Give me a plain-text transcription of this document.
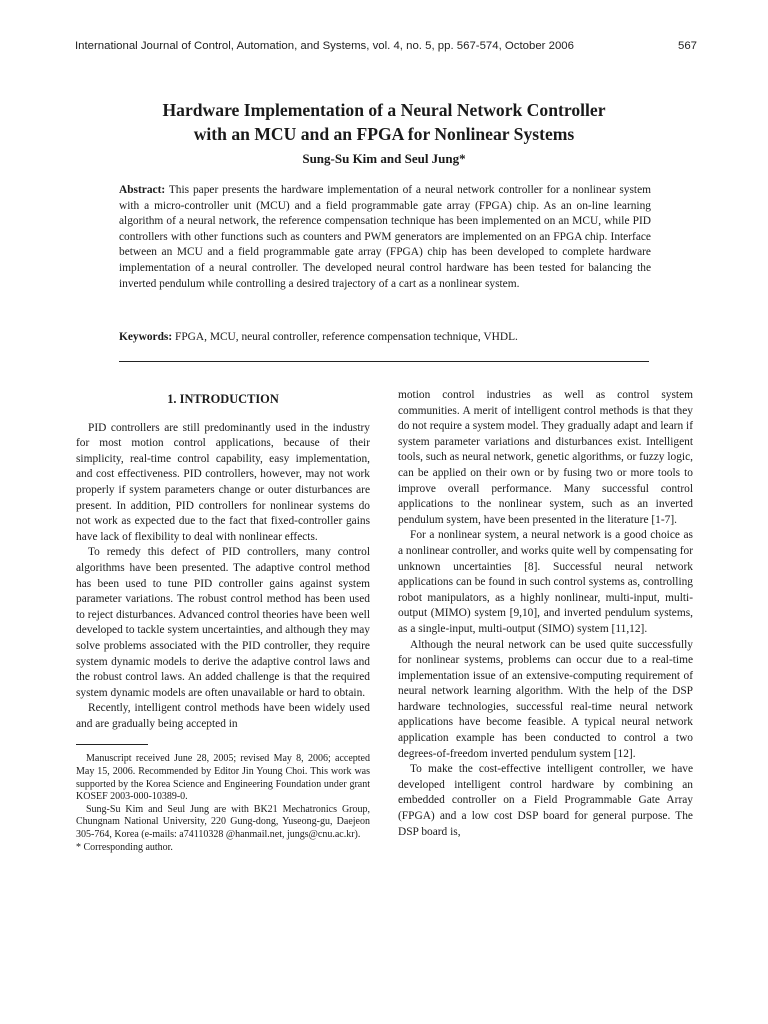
International Journal of Control, Automation, and Systems, vol. 4, no. 5, pp. 567-574, October 2006	567
Hardware Implementation of a Neural Network Controller
with an MCU and an FPGA for Nonlinear Systems
Sung-Su Kim and Seul Jung*
Abstract: This paper presents the hardware implementation of a neural network controller for a nonlinear system with a micro-controller unit (MCU) and a field programmable gate array (FPGA) chip. As an on-line learning algorithm of a neural network, the reference compensation technique has been implemented on an MCU, while PID controllers with other functions such as counters and PWM generators are implemented on an FPGA chip. Interface between an MCU and a field programmable gate array (FPGA) chip has been developed to complete hardware implementation of a neural controller. The developed neural control hardware has been tested for balancing the inverted pendulum while controlling a desired trajectory of a cart as a nonlinear system.
Keywords: FPGA, MCU, neural controller, reference compensation technique, VHDL.
1. INTRODUCTION

PID controllers are still predominantly used in the industry for most motion control applications, because of their simplicity, real-time control capability, easy implementation, and cost effectiveness. PID controllers, however, may not work properly if system parameters change or outer disturbances are present. In addition, PID controllers for nonlinear systems do not work as expected due to the fact that fixed-controller gains have lack of flexibility to deal with nonlinear effects.

To remedy this defect of PID controllers, many control algorithms have been presented. The adaptive control method has been used to tune PID controller gains against system parameter variations. The robust control method has been used to reject disturbances. Advanced control theories have been well developed to tackle system uncertainties, and although they may solve problems associated with the PID controller, they require system dynamic models to derive the adaptive control laws and the robust control laws. An added challenge is that the required system dynamic models are often unavailable or hard to obtain.

Recently, intelligent control methods have been widely used and are gradually being accepted in

Manuscript received June 28, 2005; revised May 8, 2006; accepted May 15, 2006. Recommended by Editor Jin Young Choi. This work was supported by the Korea Science and Engineering Foundation under grant KOSEF 2003-000-10389-0.

Sung-Su Kim and Seul Jung are with BK21 Mechatronics Group, Chungnam National University, 220 Gung-dong, Yuseong-gu, Daejeon 305-764, Korea (e-mails: a74110328 @hanmail.net, jungs@cnu.ac.kr).

* Corresponding author.

motion control industries as well as control system communities. A merit of intelligent control methods is that they do not require a system model. They gradually adapt and learn if system parameter variations and disturbances exist. Intelligent tools, such as neural network, genetic algorithms, or fuzzy logic, can be applied on their own or by fusing two or more tools to improve overall performance. Many successful control applications to the nonlinear system, such as an inverted pendulum system, have been presented in the literature [1-7].

For a nonlinear system, a neural network is a good choice as a nonlinear controller, and works quite well by compensating for unknown uncertainties [8]. Successful neural network applications can be found in such control systems as, controlling robot manipulators, as a highly nonlinear, multi-input, multi-output (MIMO) system [9,10], and inverted pendulum systems, as a single-input, multi-output (SIMO) system [11,12].

Although the neural network can be used quite successfully for nonlinear systems, problems can occur due to a real-time implementation issue of an extensive-computing requirement of neural network learning algorithm. With the help of the DSP hardware technologies, successful real-time neural network applications have become feasible. A typical neural network application example has been conducted to control a two degrees-of-freedom inverted pendulum system [12].

To make the cost-effective intelligent controller, we have developed intelligent control hardware by combining an embedded controller on a Field Programmable Gate Array (FPGA) and a low cost DSP board for general purpose. The DSP board is,
